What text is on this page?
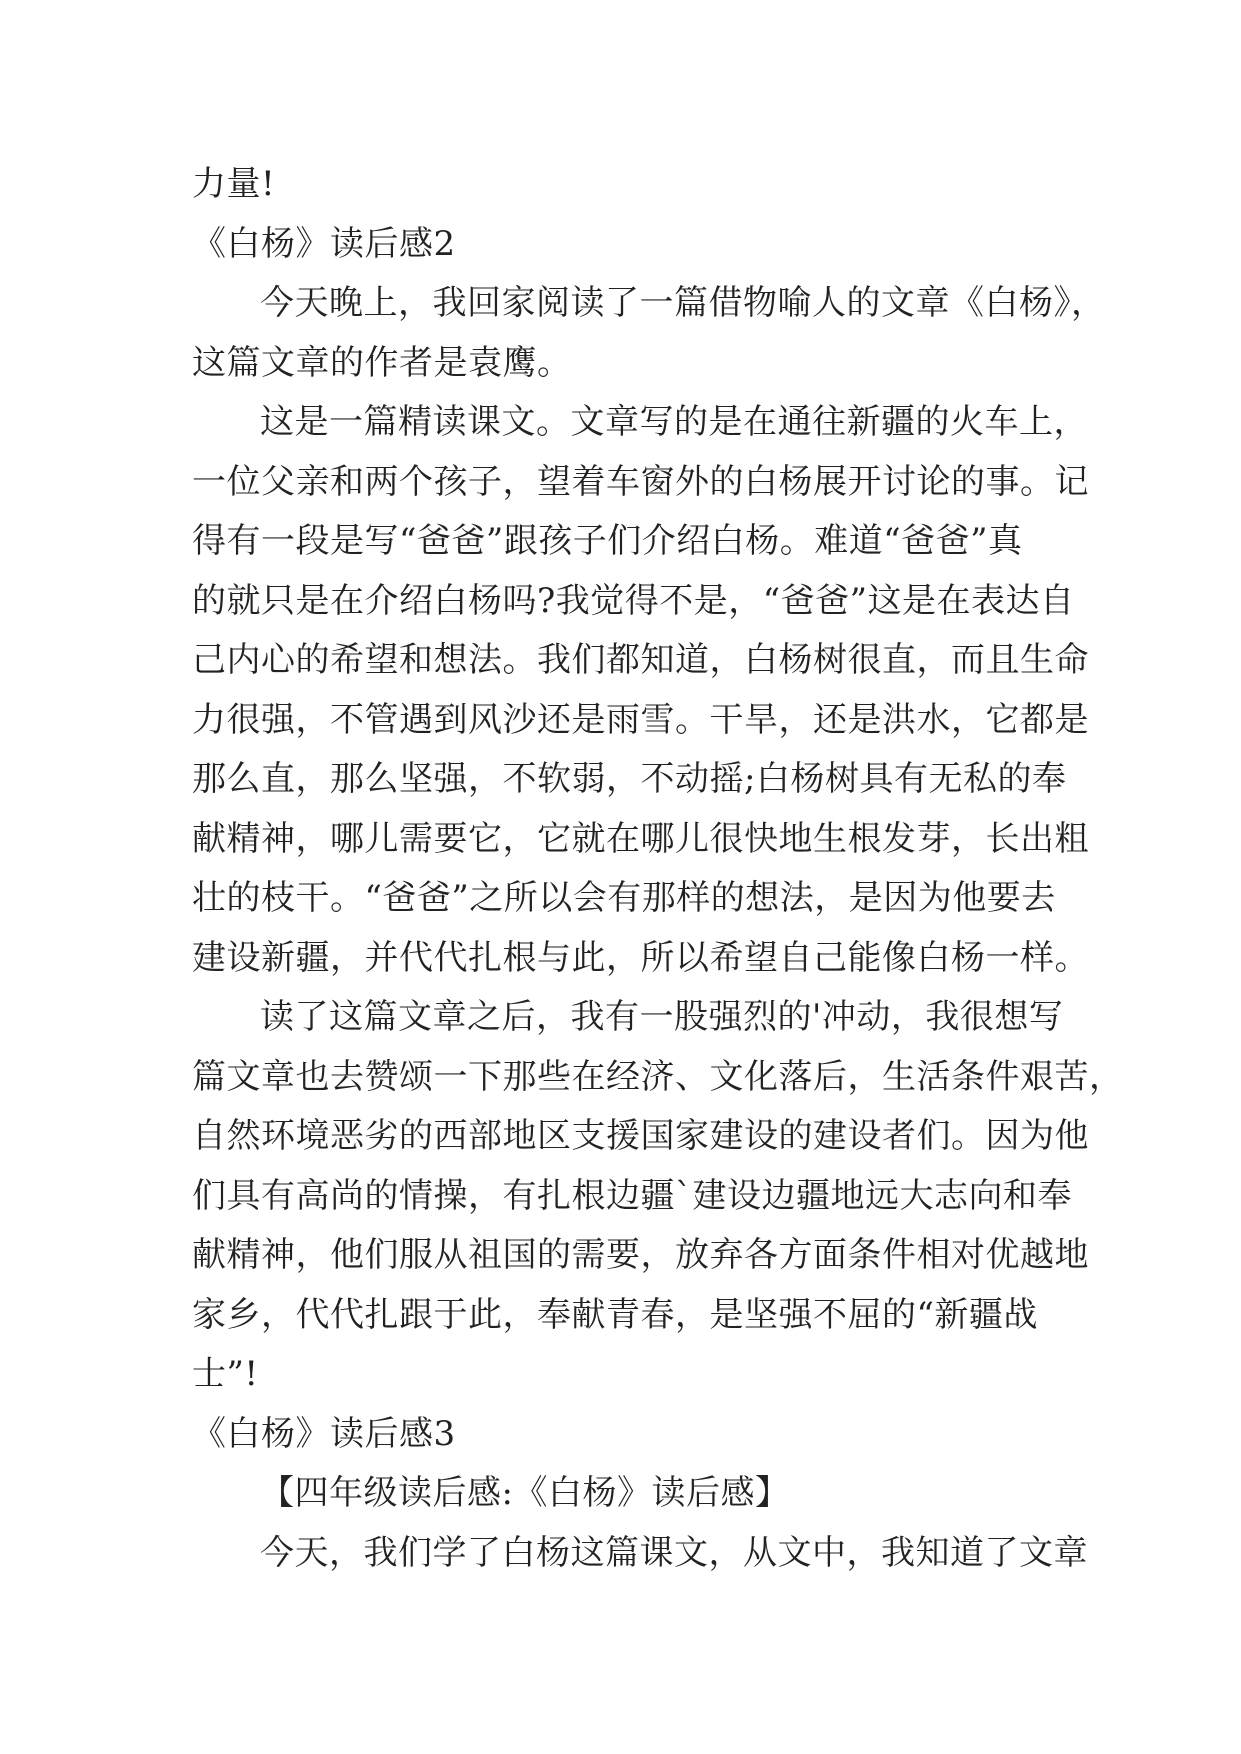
力量!
《白杨》读后感2
今天晚上，我回家阅读了一篇借物喻人的文章《白杨》，
这篇文章的作者是袁鹰。
这是一篇精读课文。文章写的是在通往新疆的火车上，
一位父亲和两个孩子，望着车窗外的白杨展开讨论的事。记
得有一段是写“爸爸”跟孩子们介绍白杨。难道“爸爸”真
的就只是在介绍白杨吗?我觉得不是，“爸爸”这是在表达自
己内心的希望和想法。我们都知道，白杨树很直，而且生命
力很强，不管遇到风沙还是雨雪。干旱，还是洪水，它都是
那么直，那么坚强，不软弱，不动摇;白杨树具有无私的奉
献精神，哪儿需要它，它就在哪儿很快地生根发芽，长出粗
壮的枝干。“爸爸”之所以会有那样的想法，是因为他要去
建设新疆，并代代扎根与此，所以希望自己能像白杨一样。
读了这篇文章之后，我有一股强烈的'冲动，我很想写
篇文章也去赞颂一下那些在经济、文化落后，生活条件艰苦，
自然环境恶劣的西部地区支援国家建设的建设者们。因为他
们具有高尚的情操，有扎根边疆`建设边疆地远大志向和奉
献精神，他们服从祖国的需要，放弃各方面条件相对优越地
家乡，代代扎跟于此，奉献青春，是坚强不屈的“新疆战
士”!
《白杨》读后感3
【四年级读后感:《白杨》读后感】
今天，我们学了白杨这篇课文，从文中，我知道了文章
